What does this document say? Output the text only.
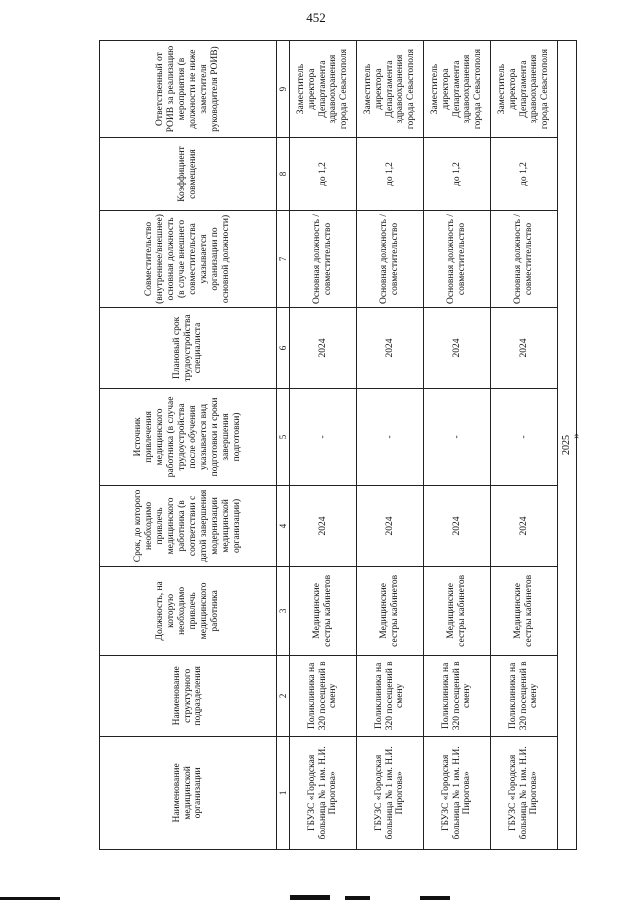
452
Наименование медицинской организации	Наименование структурного подразделения	Должность, на которую необходимо привлечь медицинского работника	Срок, до которого необходимо привлечь медицинского работника (в соответствии с датой завершения модернизации медицинской организации)	Источник привлечения медицинского работника (в случае трудоустройства после обучения указывается вид подготовки и сроки завершения подготовки)	Плановый срок трудоустройства специалиста	Совместительство (внутреннее/внешнее) основная должность (в случае внешнего совместительства указывается организации по основной должности)	Коэффициент совмещения	Ответственный от РОИВ за реализацию мероприятия (в должности не ниже заместителя руководителя РОИВ)
1	2	3	4	5	6	7	8	9
ГБУЗС «Городская больница № 1 им. Н.И. Пирогова»	Поликлиника на 320 посещений в смену	Медицинские сестры кабинетов	2024	-	2024	Основная должность / совместительство	до 1,2	Заместитель директора Департамента здравоохранения города Севастополя
ГБУЗС «Городская больница № 1 им. Н.И. Пирогова»	Поликлиника на 320 посещений в смену	Медицинские сестры кабинетов	2024	-	2024	Основная должность / совместительство	до 1,2	Заместитель директора Департамента здравоохранения города Севастополя
ГБУЗС «Городская больница № 1 им. Н.И. Пирогова»	Поликлиника на 320 посещений в смену	Медицинские сестры кабинетов	2024	-	2024	Основная должность / совместительство	до 1,2	Заместитель директора Департамента здравоохранения города Севастополя
ГБУЗС «Городская больница № 1 им. Н.И. Пирогова»	Поликлиника на 320 посещений в смену	Медицинские сестры кабинетов	2024	-	2024	Основная должность / совместительство	до 1,2	Заместитель директора Департамента здравоохранения города Севастополя
2025								
»
